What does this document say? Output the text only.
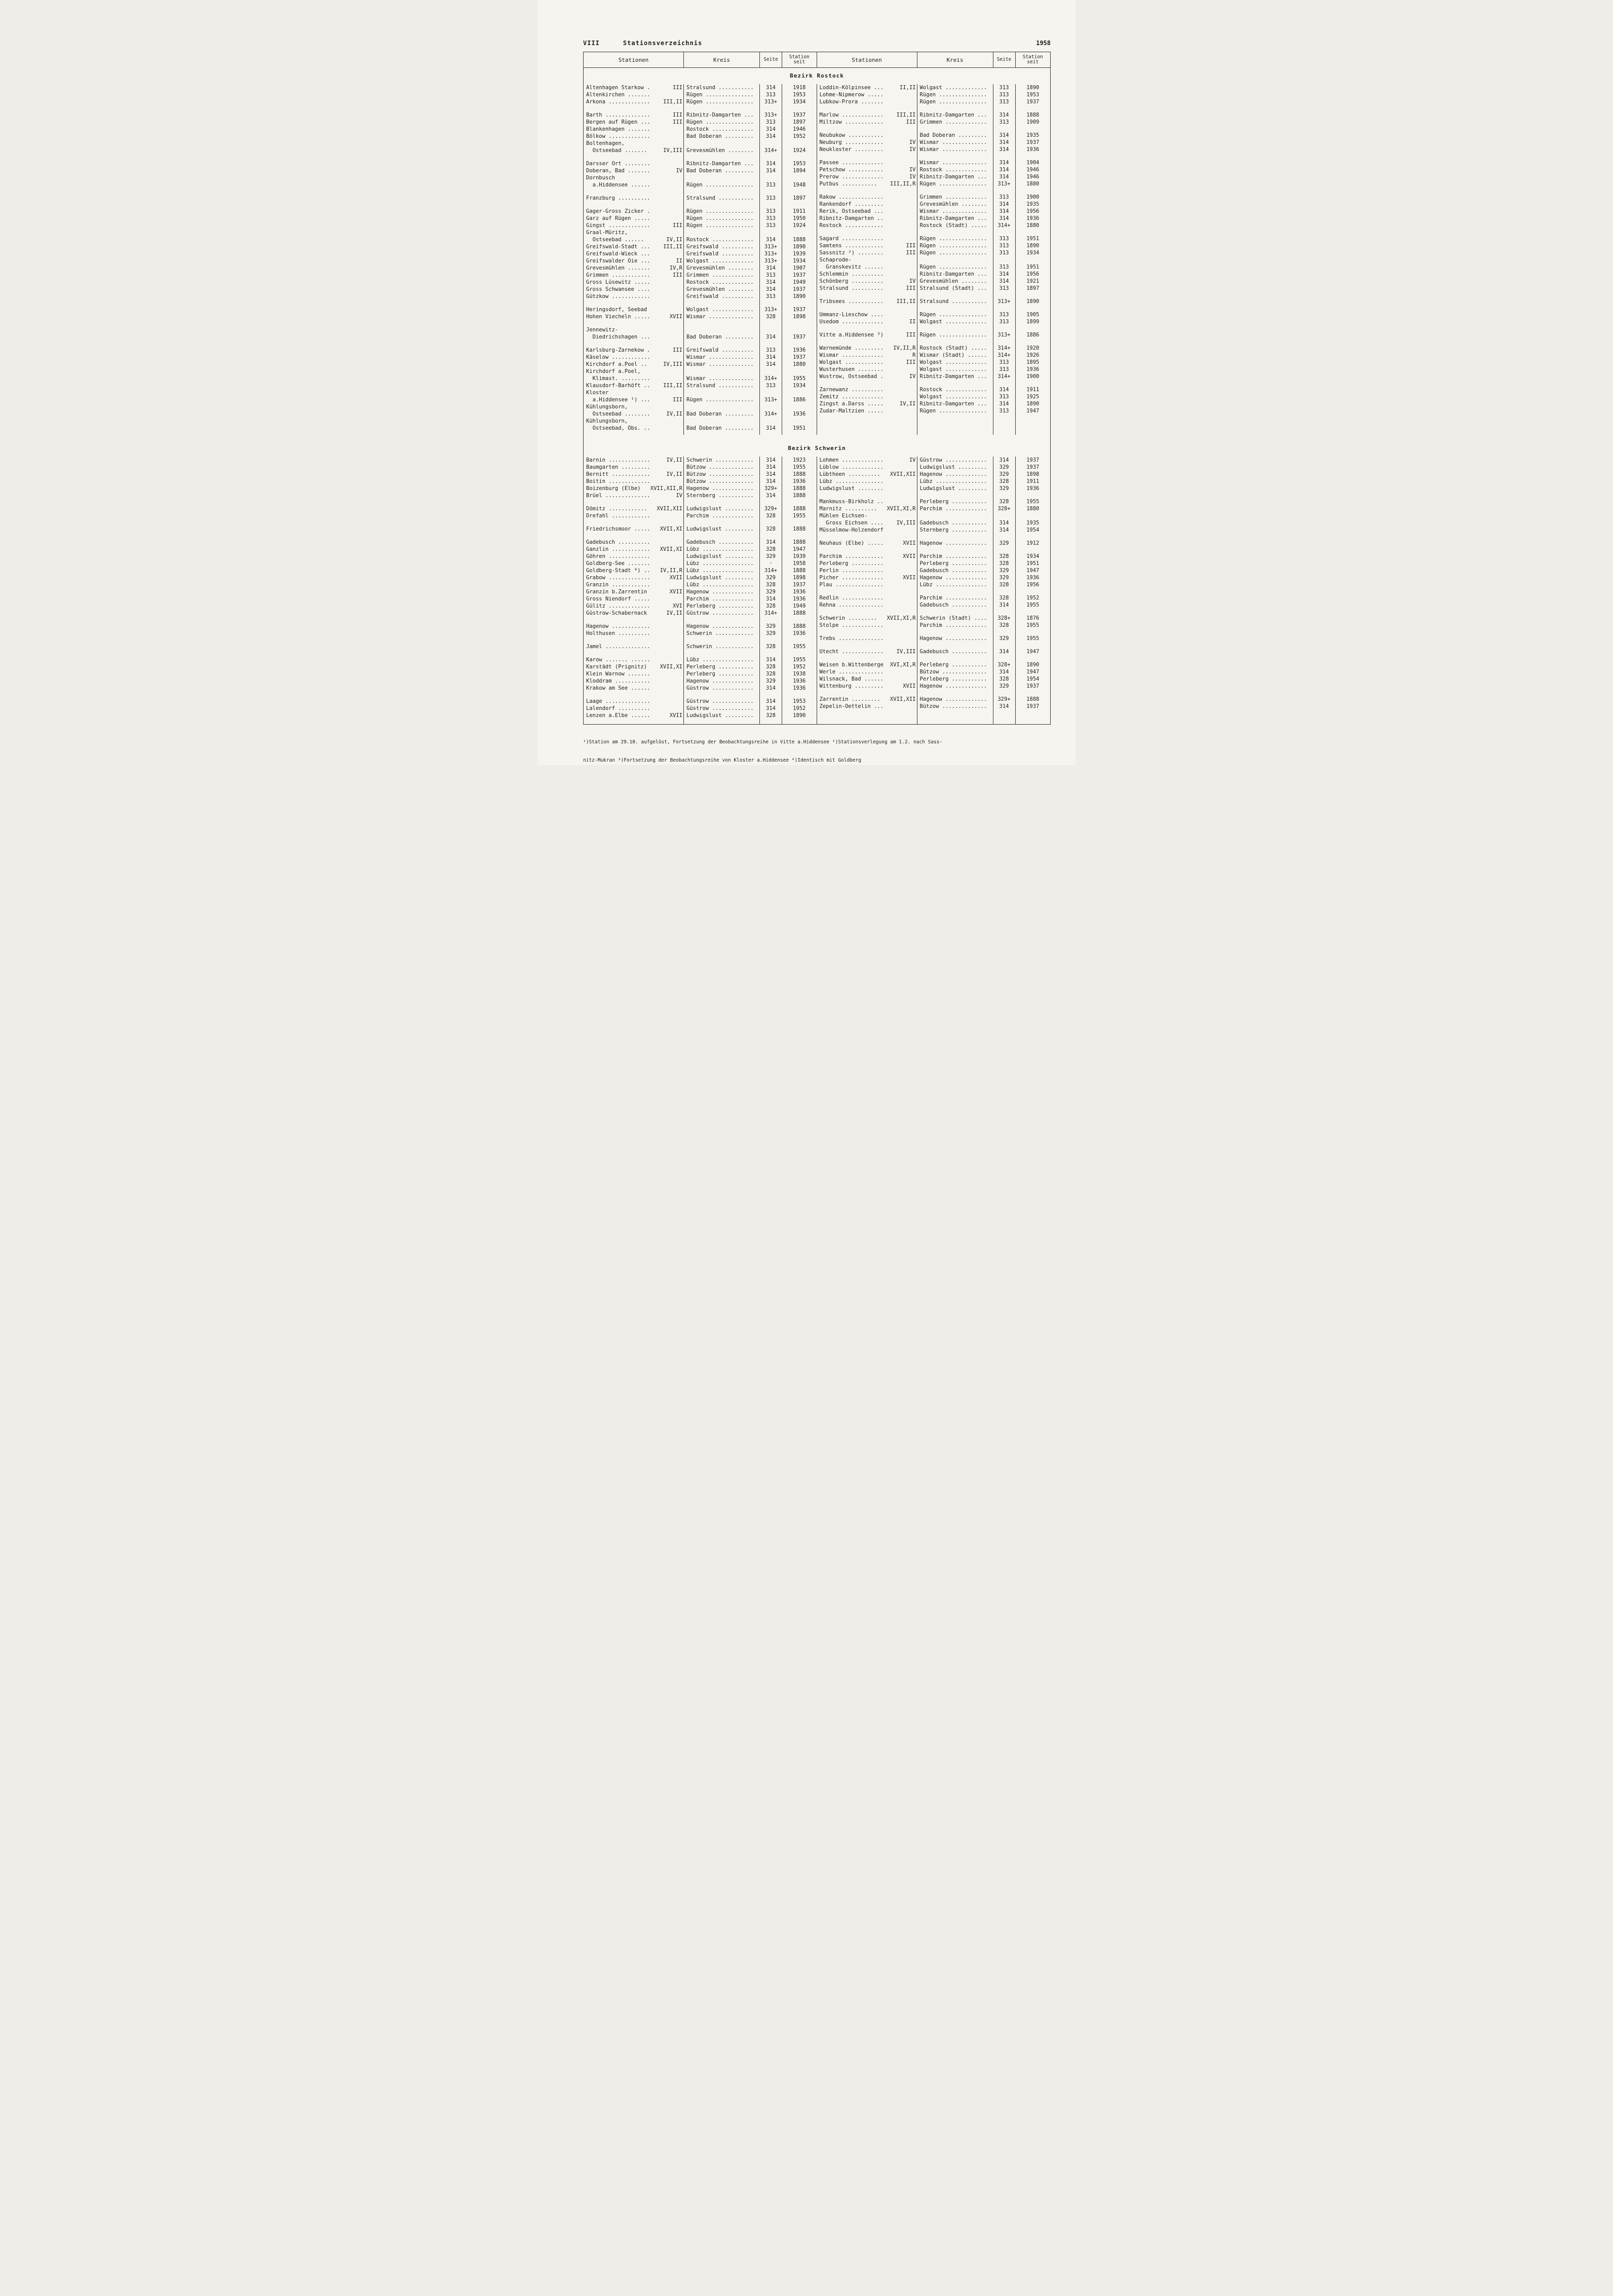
VIII	Stationsverzeichnis	1958
Stationen	Kreis	Seite	Station
seit	Stationen	Kreis	Seite	Station
seit
Bezirk Rostock
Altenhagen Starkow .	III Stralsund ...........	314	1918
Altenkirchen .......	Rügen ...............	313	1953
Arkona ............. III,II Rügen ...............	313+	1934
Barth ..............	III Ribnitz-Damgarten ...	313+	1937
Bergen auf Rügen ...	III Rügen ...............	313	1897
Blankenhagen .......	Rostock .............	314	1946
Bölkow .............	Bad Doberan .........	314	1952
Boltenhagen,
Ostseebad .......	IV,III Grevesmühlen ........	314+	1924
Darsser Ort ........	Ribnitz-Damgarten ...	314	1953
Doberan, Bad .......	IV Bad Doberan .........	314	1894
Dornbusch
a.Hiddensee ......	Rügen ...............	313	1948
Franzburg ..........	Stralsund ...........	313	1897
Gager-Gross Zicker .	Rügen ...............	313	1911
Garz auf Rügen .....	Rügen ...............	313	1950
Gingst .............	III Rügen ...............	313	1924
Graal-Müritz,
Ostseebad ......	IV,II Rostock .............	314	1888
Greifswald-Stadt ... III,II Greifswald ..........	313+	1890
Greifswald-Wieck ...	Greifswald ..........	313+	1939
Greifswalder Oie ...	II Wolgast .............	313+	1934
Grevesmühlen .......	IV,R Grevesmühlen ........	314	1907
Grimmen ............	III Grimmen .............	313	1937
Gross Lüsewitz .....	Rostock .............	314	1949
Gross Schwansee ....	Grevesmühlen ........	314	1937
Gützkow ............	Greifswald ..........	313	1890
Heringsdorf, Seebad	Wolgast .............	313+	1937
Hohen Viecheln .....	XVII Wismar ..............	328	1898
Jennewitz-
Diedrichshagen ...	Bad Doberan .........	314	1937
Karlsburg-Zarnekow .	III Greifswald ..........	313	1936
Käselow ............	Wismar ..............	314	1937
Kirchdorf a.Poel ..	IV,III Wismar ..............	314	1880
Kirchdorf a.Poel,
Klimast. .........	Wismar ..............	314+	1955
Klausdorf-Barhöft .. III,II Stralsund ...........	313	1934
Kloster
a.Hiddensee ¹) ...	III Rügen ...............	313+	1886
Kühlungsborn,
Ostseebad ........	IV,II Bad Doberan .........	314+	1936
Kühlungsborn,
Ostseebad, Obs. ..	Bad Doberan .........	314	1951
Loddin-Kölpinsee ...	II,II Wolgast .............	313	1890
Lohme-Nipmerow .....	Rügen ...............	313	1953
Lubkow-Prora .......	Rügen ...............	313	1937
Marlow ............. III,II Ribnitz-Damgarten ...	314	1888
Miltzow ............	III Grimmen .............	313	1909
Neubukow ...........	Bad Doberan .........	314	1935
Neuburg ............	IV Wismar ..............	314	1937
Neukloster .........	IV Wismar ..............	314	1936
Passee .............	Wismar ..............	314	1904
Petschow ...........	IV Rostock .............	314	1946
Prerow .............	IV Ribnitz-Damgarten ...	314	1946
Putbus ........... III,II,R Rügen ...............	313+	1880
Rakow ..............	Grimmen .............	313	1900
Rankendorf .........	Grevesmühlen ........	314	1935
Rerik, Ostseebad ...	Wismar ..............	314	1956
Ribnitz-Damgarten ..	Ribnitz-Damgarten ...	314	1936
Rostock ............	Rostock (Stadt) .....	314+	1880
Sagard .............	Rügen ...............	313	1951
Samtens ............	III Rügen ...............	313	1890
Sassnitz ²) ........	III Rügen ...............	313	1934
Schaprode-
Granskevitz ......	Rügen ...............	313	1951
Schlemmin ..........	Ribnitz-Damgarten ...	314	1956
Schönberg ..........	IV Grevesmühlen ........	314	1921
Stralsund ..........	III Stralsund (Stadt) ...	313	1897
Tribsees ........... III,II Stralsund ...........	313+	1890
Ummanz-Lieschow ....	Rügen ...............	313	1905
Usedom .............	II Wolgast .............	313	1899
Vitte a.Hiddensee ³)	III Rügen ...............	313+	1886
Warnemünde ......... IV,II,R Rostock (Stadt) .....	314+	1920
Wismar .............	R Wismar (Stadt) ......	314+	1926
Wolgast ............	III Wolgast .............	313	1895
Wusterhusen ........	Wolgast .............	313	1936
Wustrow, Ostseebad .	IV Ribnitz-Damgarten ...	314+	1900
Zarnewanz ..........	Rostock .............	314	1911
Zemitz .............	Wolgast .............	313	1925
Zingst a.Darss .....	IV,II Ribnitz-Damgarten ...	314	1890
Zudar-Maltzien .....	Rügen ...............	313	1947
Bezirk Schwerin
Barnin .............	IV,II Schwerin ............	314	1923
Baumgarten .........	Bützow ..............	314	1955
Bernitt ............	IV,II Bützow ..............	314	1888
Boitin .............	Bützow ..............	314	1936
Boizenburg (Elbe) XVII,XII,R Hagenow .............	329+	1888
Brüel ..............	IV Sternberg ...........	314	1888
Dömitz ............ XVII,XII Ludwigslust .........	329+	1888
Drefahl ............	Parchim .............	328	1955
Friedrichsmoor ..... XVII,XI Ludwigslust .........	328	1888
Gadebusch ..........	Gadebusch ...........	314	1888
Ganzlin ............ XVII,XI Lübz ................	328	1947
Göhren .............	Ludwigslust .........	329	1939
Goldberg-See .......	Lübz ................	·	1958
Goldberg-Stadt ⁴) .. IV,II,R Lübz ................	314+	1888
Grabow .............	XVII Ludwigslust .........	329	1898
Granzin ............	Lübz ................	328	1937
Granzin b.Zarrentin	XVII Hagenow .............	329	1936
Gross Niendorf .....	Parchim .............	314	1936
Gülitz .............	XVI Perleberg ...........	328	1949
Güstrow-Schabernack	IV,II Güstrow .............	314+	1888
Hagenow ............	Hagenow .............	329	1888
Holthusen ..........	Schwerin ............	329	1936
Jamel ..............	Schwerin ............	328	1955
Karow ....... ......	Lübz ................	314	1955
Karstädt (Prignitz) XVII,XI Perleberg ...........	328	1952
Klein Warnow .......	Perleberg ...........	328	1938
Kloddram ...........	Hagenow .............	329	1936
Krakow am See ......	Güstrow .............	314	1936
Laage ..............	Güstrow .............	314	1953
Lalendorf ..........	Güstrow .............	314	1952
Lenzen a.Elbe ......	XVII Ludwigslust .........	328	1890
Lohmen .............	IV Güstrow .............	314	1937
Lüblow .............	Ludwigslust .........	329	1937
Lübtheen .......... XVII,XII Hagenow .............	329	1898
Lübz ...............	Lübz ................	328	1911
Ludwigslust ........	Ludwigslust .........	329	1936
Mankmuss-Birkholz ..	Perleberg ...........	328	1955
Marnitz .......... XVII,XI,R Parchim .............	328+	1880
Mühlen Eichsen-
Gross Eichsen .... IV,III Gadebusch ...........	314	1935
Müsselmow-Holzendorf	Sternberg ...........	314	1954
Neuhaus (Elbe) .....	XVII Hagenow .............	329	1912
Parchim ............	XVII Parchim .............	328	1934
Perleberg ..........	Perleberg ...........	328	1951
Perlin .............	Gadebusch ...........	329	1947
Picher .............	XVII Hagenow .............	329	1936
Plau ...............	Lübz ................	328	1956
Redlin .............	Parchim .............	328	1952
Rehna ..............	Gadebusch ...........	314	1955
Schwerin ......... XVII,XI,R Schwerin (Stadt) ....	328+	1876
Stolpe .............	Parchim .............	328	1955
Trebs ..............	Hagenow .............	329	1955
Utecht ............. IV,III Gadebusch ...........	314	1947
Weisen b.Wittenberge XVI,XI,R Perleberg ...........	328+	1890
Werle ..............	Bützow ..............	314	1947
Wilsnack, Bad ......	Perleberg ...........	328	1954
Wittenburg .........	XVII Hagenow .............	329	1937
Zarrentin ......... XVII,XII Hagenow .............	329+	1888
Zepelin-Oettelin ...	Bützow ..............	314	1937

¹)Station am 29.10. aufgelöst, Fortsetzung der Beobachtungsreihe in Vitte a.Hiddensee ²)Stationsverlegung am 1.2. nach Sass-

nitz-Mukran ³)Fortsetzung der Beobachtungsreihe von Kloster a.Hiddensee ⁴)Identisch mit Goldberg
